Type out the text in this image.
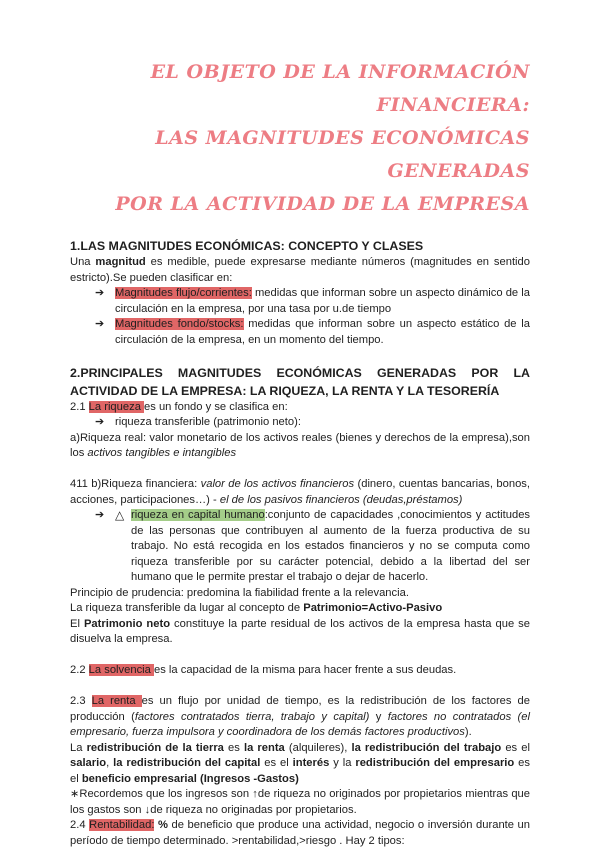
EL OBJETO DE LA INFORMACIÓN FINANCIERA:
LAS MAGNITUDES ECONÓMICAS GENERADAS
POR LA ACTIVIDAD DE LA EMPRESA
1.LAS MAGNITUDES ECONÓMICAS: CONCEPTO Y CLASES
Una magnitud es medible, puede expresarse mediante números (magnitudes en sentido estricto).Se pueden clasificar en:
➔ Magnitudes flujo/corrientes: medidas que informan sobre un aspecto dinámico de la circulación en la empresa, por una tasa por u.de tiempo
➔ Magnitudes fondo/stocks: medidas que informan sobre un aspecto estático de la circulación de la empresa, en un momento del tiempo.
2.PRINCIPALES MAGNITUDES ECONÓMICAS GENERADAS POR LA ACTIVIDAD DE LA EMPRESA: LA RIQUEZA, LA RENTA Y LA TESORERÍA
2.1 La riqueza es un fondo y se clasifica en:
➔ riqueza transferible (patrimonio neto):
a)Riqueza real: valor monetario de los activos reales (bienes y derechos de la empresa),son los activos tangibles e intangibles
411 b)Riqueza financiera: valor de los activos financieros (dinero, cuentas bancarias, bonos, acciones, participaciones…) - el de los pasivos financieros (deudas,préstamos)
➔ △ riqueza en capital humano:conjunto de capacidades ,conocimientos y actitudes de las personas que contribuyen al aumento de la fuerza productiva de su trabajo. No está recogida en los estados financieros y no se computa como riqueza transferible por su carácter potencial, debido a la libertad del ser humano que le permite prestar el trabajo o dejar de hacerlo.
Principio de prudencia: predomina la fiabilidad frente a la relevancia.
La riqueza transferible da lugar al concepto de Patrimonio=Activo-Pasivo
El Patrimonio neto constituye la parte residual de los activos de la empresa hasta que se disuelva la empresa.
2.2 La solvencia es la capacidad de la misma para hacer frente a sus deudas.
2.3 La renta es un flujo por unidad de tiempo, es la redistribución de los factores de producción (factores contratados tierra, trabajo y capital) y factores no contratados (el empresario, fuerza impulsora y coordinadora de los demás factores productivos).
La redistribución de la tierra es la renta (alquileres), la redistribución del trabajo es el salario, la redistribución del capital es el interés y la redistribución del empresario es el beneficio empresarial (Ingresos -Gastos)
∗Recordemos que los ingresos son ↑de riqueza no originados por propietarios mientras que los gastos son ↓de riqueza no originadas por propietarios.
2.4 Rentabilidad: % de beneficio que produce una actividad, negocio o inversión durante un período de tiempo determinado. >rentabilidad,>riesgo . Hay 2 tipos:
